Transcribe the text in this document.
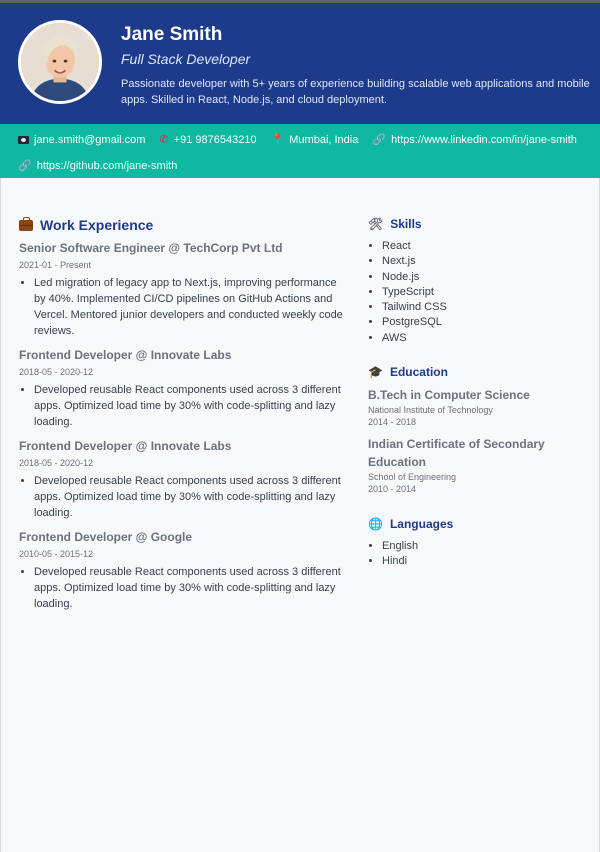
Jane Smith
Full Stack Developer
Passionate developer with 5+ years of experience building scalable web applications and mobile apps. Skilled in React, Node.js, and cloud deployment.
jane.smith@gmail.com ✆ +91 9876543210 📍 Mumbai, India 🔗 https://www.linkedin.com/in/jane-smith
🔗 https://github.com/jane-smith
Work Experience
Senior Software Engineer @ TechCorp Pvt Ltd
2021-01 - Present
• Led migration of legacy app to Next.js, improving performance by 40%. Implemented CI/CD pipelines on GitHub Actions and Vercel. Mentored junior developers and conducted weekly code reviews.
Frontend Developer @ Innovate Labs
2018-05 - 2020-12
• Developed reusable React components used across 3 different apps. Optimized load time by 30% with code-splitting and lazy loading.
Frontend Developer @ Innovate Labs
2018-05 - 2020-12
• Developed reusable React components used across 3 different apps. Optimized load time by 30% with code-splitting and lazy loading.
Frontend Developer @ Google
2010-05 - 2015-12
• Developed reusable React components used across 3 different apps. Optimized load time by 30% with code-splitting and lazy loading.
🛠 Skills
• React
• Next.js
• Node.js
• TypeScript
• Tailwind CSS
• PostgreSQL
• AWS
🎓 Education
B.Tech in Computer Science
National Institute of Technology
2014 - 2018
Indian Certificate of Secondary Education
School of Engineering
2010 - 2014
🌐 Languages
• English
• Hindi
